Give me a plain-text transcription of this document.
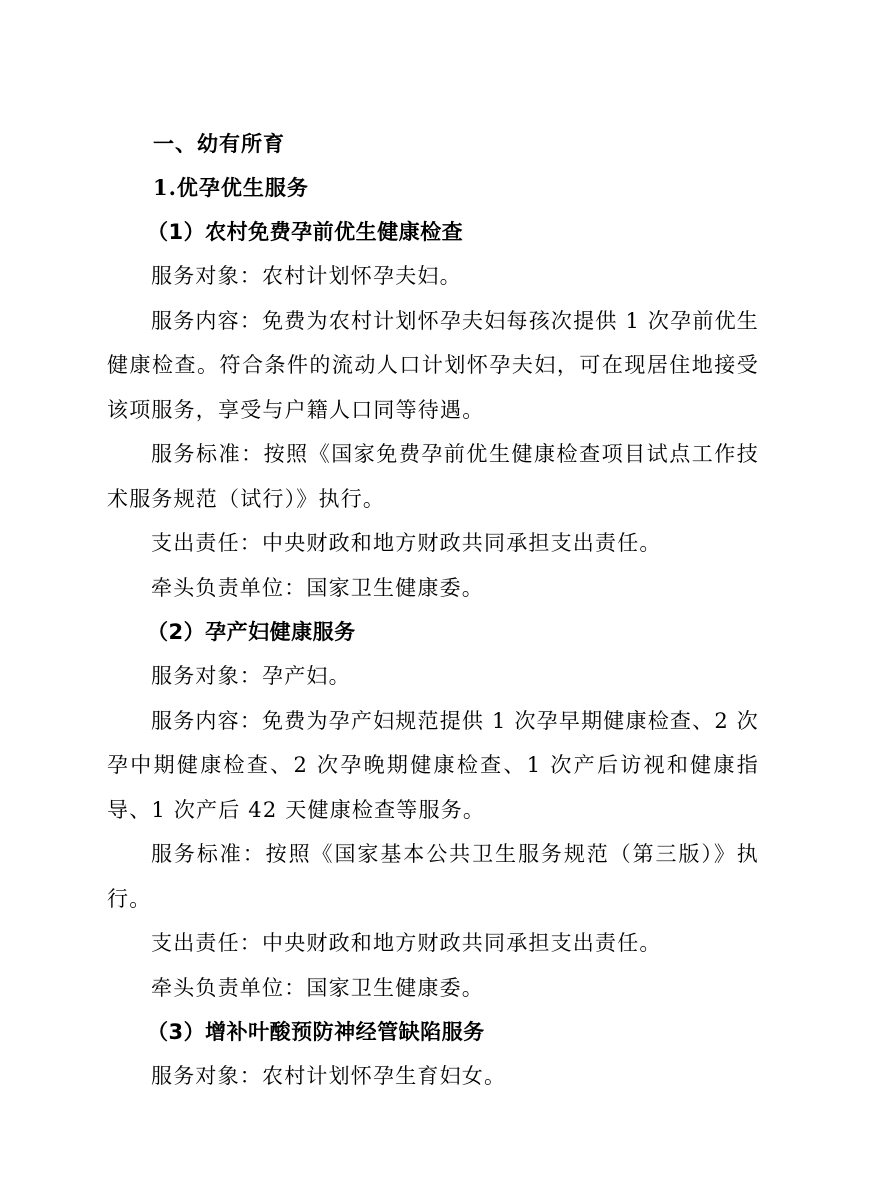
一、幼有所育
1.优孕优生服务
（1）农村免费孕前优生健康检查

服务对象：农村计划怀孕夫妇。

服务内容：免费为农村计划怀孕夫妇每孩次提供 1 次孕前优生健康检查。符合条件的流动人口计划怀孕夫妇，可在现居住地接受该项服务，享受与户籍人口同等待遇。

服务标准：按照《国家免费孕前优生健康检查项目试点工作技术服务规范（试行）》执行。

支出责任：中央财政和地方财政共同承担支出责任。

牵头负责单位：国家卫生健康委。

（2）孕产妇健康服务

服务对象：孕产妇。

服务内容：免费为孕产妇规范提供 1 次孕早期健康检查、2 次孕中期健康检查、2 次孕晚期健康检查、1 次产后访视和健康指导、1 次产后 42 天健康检查等服务。

服务标准：按照《国家基本公共卫生服务规范（第三版）》执行。

支出责任：中央财政和地方财政共同承担支出责任。

牵头负责单位：国家卫生健康委。

（3）增补叶酸预防神经管缺陷服务

服务对象：农村计划怀孕生育妇女。
